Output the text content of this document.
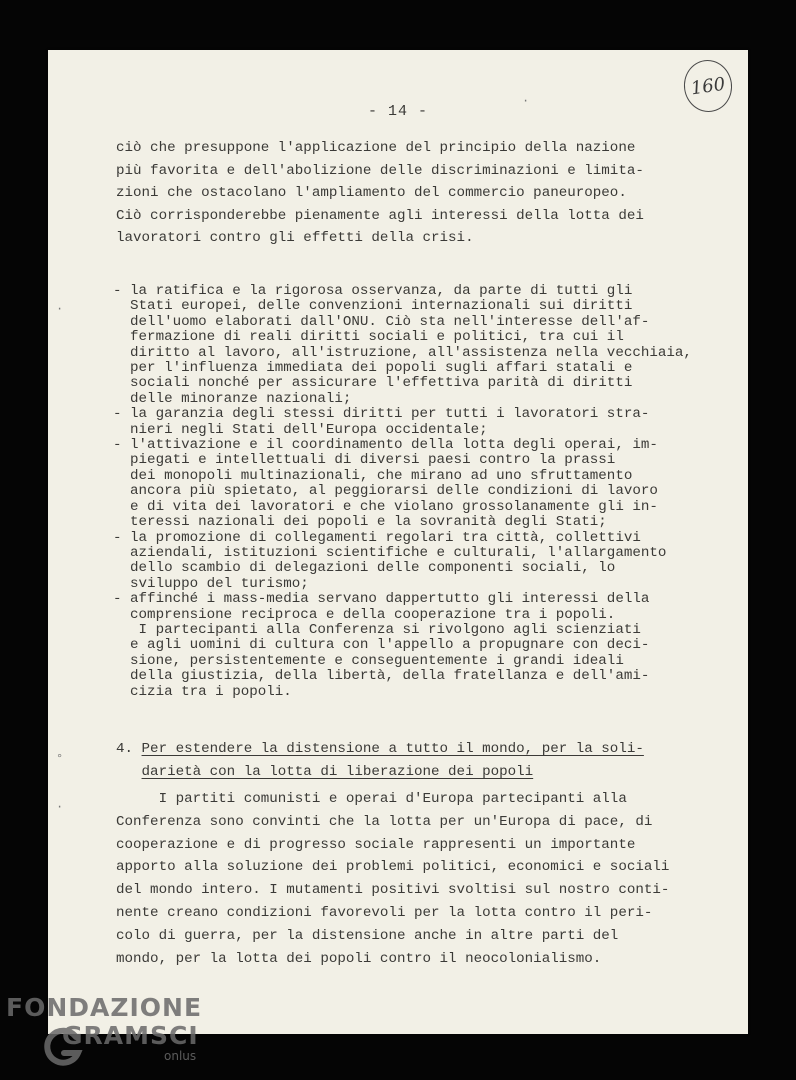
- 14 -
160
·
°
·
·
ciò che presuppone l'applicazione del principio della nazione
più favorita e dell'abolizione delle discriminazioni e limita-
zioni che ostacolano l'ampliamento del commercio paneuropeo.
Ciò corrisponderebbe pienamente agli interessi della lotta dei
lavoratori contro gli effetti della crisi.
- la ratifica e la rigorosa osservanza, da parte di tutti gli
Stati europei, delle convenzioni internazionali sui diritti
dell'uomo elaborati dall'ONU. Ciò sta nell'interesse dell'af-
fermazione di reali diritti sociali e politici, tra cui il
diritto al lavoro, all'istruzione, all'assistenza nella vecchiaia,
per l'influenza immediata dei popoli sugli affari statali e
sociali nonché per assicurare l'effettiva parità di diritti
delle minoranze nazionali;
- la garanzia degli stessi diritti per tutti i lavoratori stra-
nieri negli Stati dell'Europa occidentale;
- l'attivazione e il coordinamento della lotta degli operai, im-
piegati e intellettuali di diversi paesi contro la prassi
dei monopoli multinazionali, che mirano ad uno sfruttamento
ancora più spietato, al peggiorarsi delle condizioni di lavoro
e di vita dei lavoratori e che violano grossolanamente gli in-
teressi nazionali dei popoli e la sovranità degli Stati;
- la promozione di collegamenti regolari tra città, collettivi
aziendali, istituzioni scientifiche e culturali, l'allargamento
dello scambio di delegazioni delle componenti sociali, lo
sviluppo del turismo;
- affinché i mass-media servano dappertutto gli interessi della
comprensione reciproca e della cooperazione tra i popoli.
I partecipanti alla Conferenza si rivolgono agli scienziati
e agli uomini di cultura con l'appello a propugnare con deci-
sione, persistentemente e conseguentemente i grandi ideali
della giustizia, della libertà, della fratellanza e dell'ami-
cizia tra i popoli.
4. Per estendere la distensione a tutto il mondo, per la soli-
darietà con la lotta di liberazione dei popoli
I partiti comunisti e operai d'Europa partecipanti alla
Conferenza sono convinti che la lotta per un'Europa di pace, di
cooperazione e di progresso sociale rappresenti un importante
apporto alla soluzione dei problemi politici, economici e sociali
del mondo intero. I mutamenti positivi svoltisi sul nostro conti-
nente creano condizioni favorevoli per la lotta contro il peri-
colo di guerra, per la distensione anche in altre parti del
mondo, per la lotta dei popoli contro il neocolonialismo.
FONDAZIONE
GRAMSCI
onlus
